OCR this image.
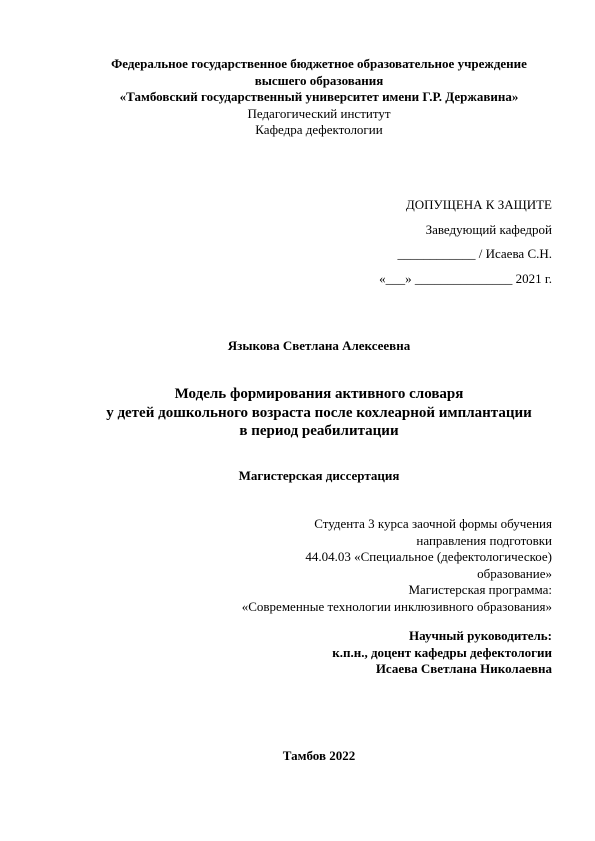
Федеральное государственное бюджетное образовательное учреждение
высшего образования
«Тамбовский государственный университет имени Г.Р. Державина»
Педагогический институт
Кафедра дефектологии
ДОПУЩЕНА К ЗАЩИТЕ
Заведующий кафедрой
____________ / Исаева С.Н.
«___» _______________ 2021 г.
Языкова Светлана Алексеевна
Модель формирования активного словаря
у детей дошкольного возраста после кохлеарной имплантации
в период реабилитации
Магистерская диссертация
Студента 3 курса заочной формы обучения
направления подготовки
44.04.03 «Специальное (дефектологическое)
образование»
Магистерская программа:
«Современные технологии инклюзивного образования»
Научный руководитель:
к.п.н., доцент кафедры дефектологии
Исаева Светлана Николаевна
Тамбов 2022
